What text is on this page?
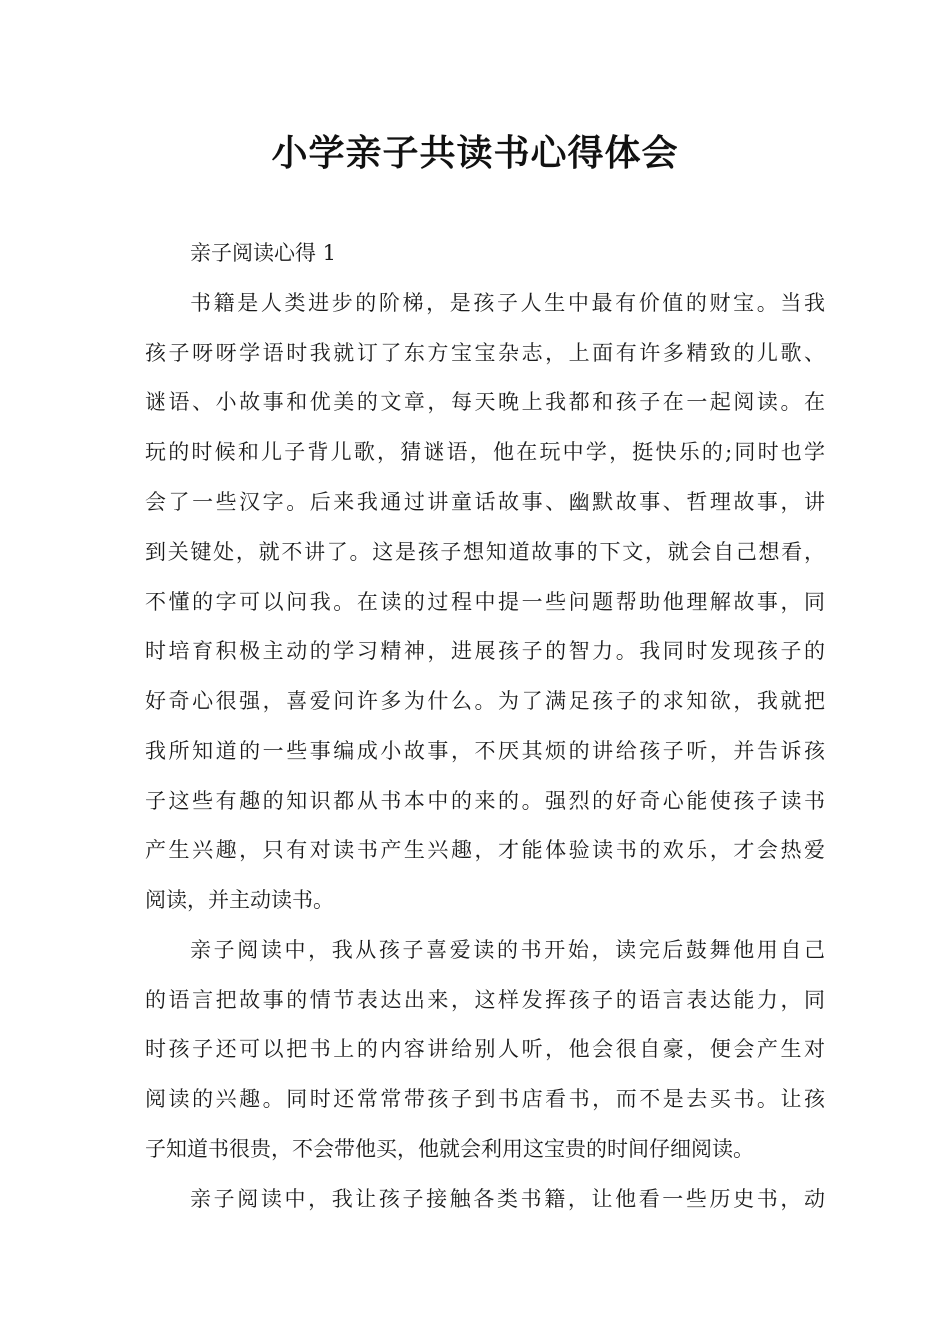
小学亲子共读书心得体会

亲子阅读心得 1

书籍是人类进步的阶梯，是孩子人生中最有价值的财宝。当我

孩子呀呀学语时我就订了东方宝宝杂志，上面有许多精致的儿歌、

谜语、小故事和优美的文章，每天晚上我都和孩子在一起阅读。在

玩的时候和儿子背儿歌，猜谜语，他在玩中学，挺快乐的;同时也学

会了一些汉字。后来我通过讲童话故事、幽默故事、哲理故事，讲

到关键处，就不讲了。这是孩子想知道故事的下文，就会自己想看，

不懂的字可以问我。在读的过程中提一些问题帮助他理解故事，同

时培育积极主动的学习精神，进展孩子的智力。我同时发现孩子的

好奇心很强，喜爱问许多为什么。为了满足孩子的求知欲，我就把

我所知道的一些事编成小故事，不厌其烦的讲给孩子听，并告诉孩

子这些有趣的知识都从书本中的来的。强烈的好奇心能使孩子读书

产生兴趣，只有对读书产生兴趣，才能体验读书的欢乐，才会热爱

阅读，并主动读书。

亲子阅读中，我从孩子喜爱读的书开始，读完后鼓舞他用自己

的语言把故事的情节表达出来，这样发挥孩子的语言表达能力，同

时孩子还可以把书上的内容讲给别人听，他会很自豪，便会产生对

阅读的兴趣。同时还常常带孩子到书店看书，而不是去买书。让孩

子知道书很贵，不会带他买，他就会利用这宝贵的时间仔细阅读。

亲子阅读中，我让孩子接触各类书籍，让他看一些历史书，动
